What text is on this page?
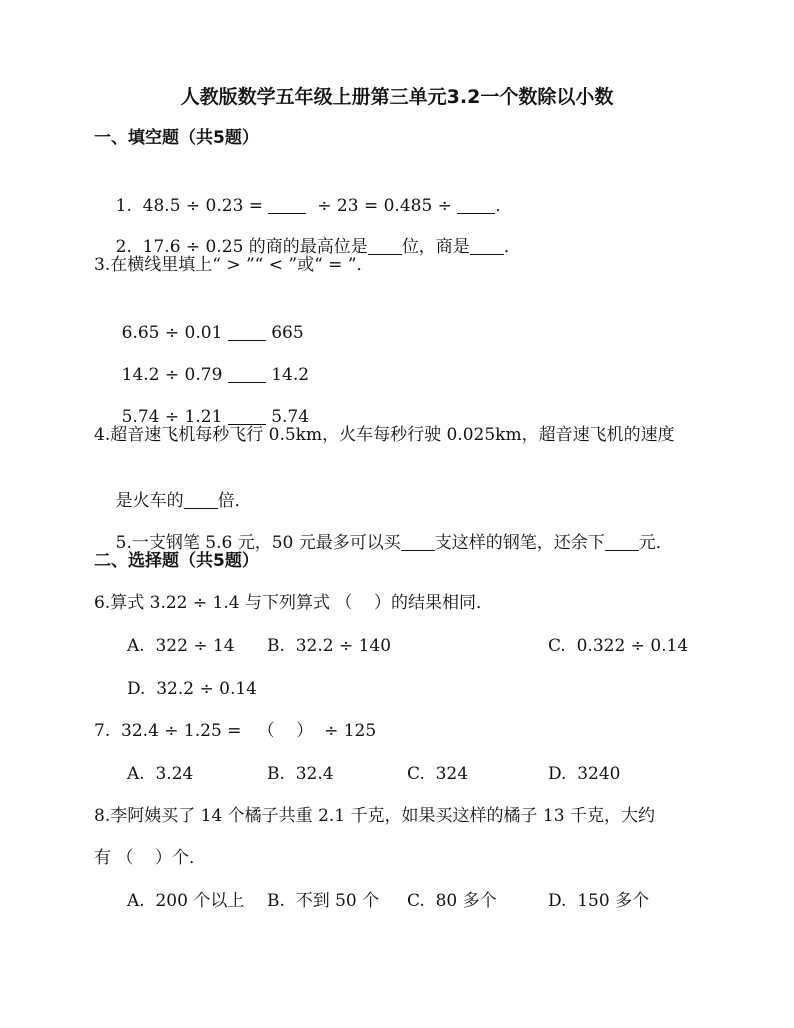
人教版数学五年级上册第三单元3.2一个数除以小数
一、填空题（共5题）

1.  48.5 ÷ 0.23 =   ÷ 23 = 0.485 ÷ ．

2.  17.6 ÷ 0.25 的商的最高位是 位，商是 ．

3.在横线里填上“ > ”“ < ”或“ = ”．

6.65 ÷ 0.01  665

14.2 ÷ 0.79  14.2

5.74 ÷ 1.21  5.74

4.超音速飞机每秒飞行 0.5km，火车每秒行驶 0.025km，超音速飞机的速度

是火车的 倍．

5.一支钢笔 5.6 元，50 元最多可以买 支这样的钢笔，还余下 元．

二、选择题（共5题）
6.算式 3.22 ÷ 1.4 与下列算式 （    ）的结果相同．
A.  322 ÷ 14 B.  32.2 ÷ 140	C.  0.322 ÷ 0.14
D.  32.2 ÷ 0.14
7.  32.4 ÷ 1.25 =   （    ）  ÷ 125
A.  3.24	B.  32.4	C.  324	D.  3240
8.李阿姨买了 14 个橘子共重 2.1 千克，如果买这样的橘子 13 千克，大约
有 （    ）个．
A.  200 个以上 B.  不到 50 个 C.  80 多个	D.  150 多个
